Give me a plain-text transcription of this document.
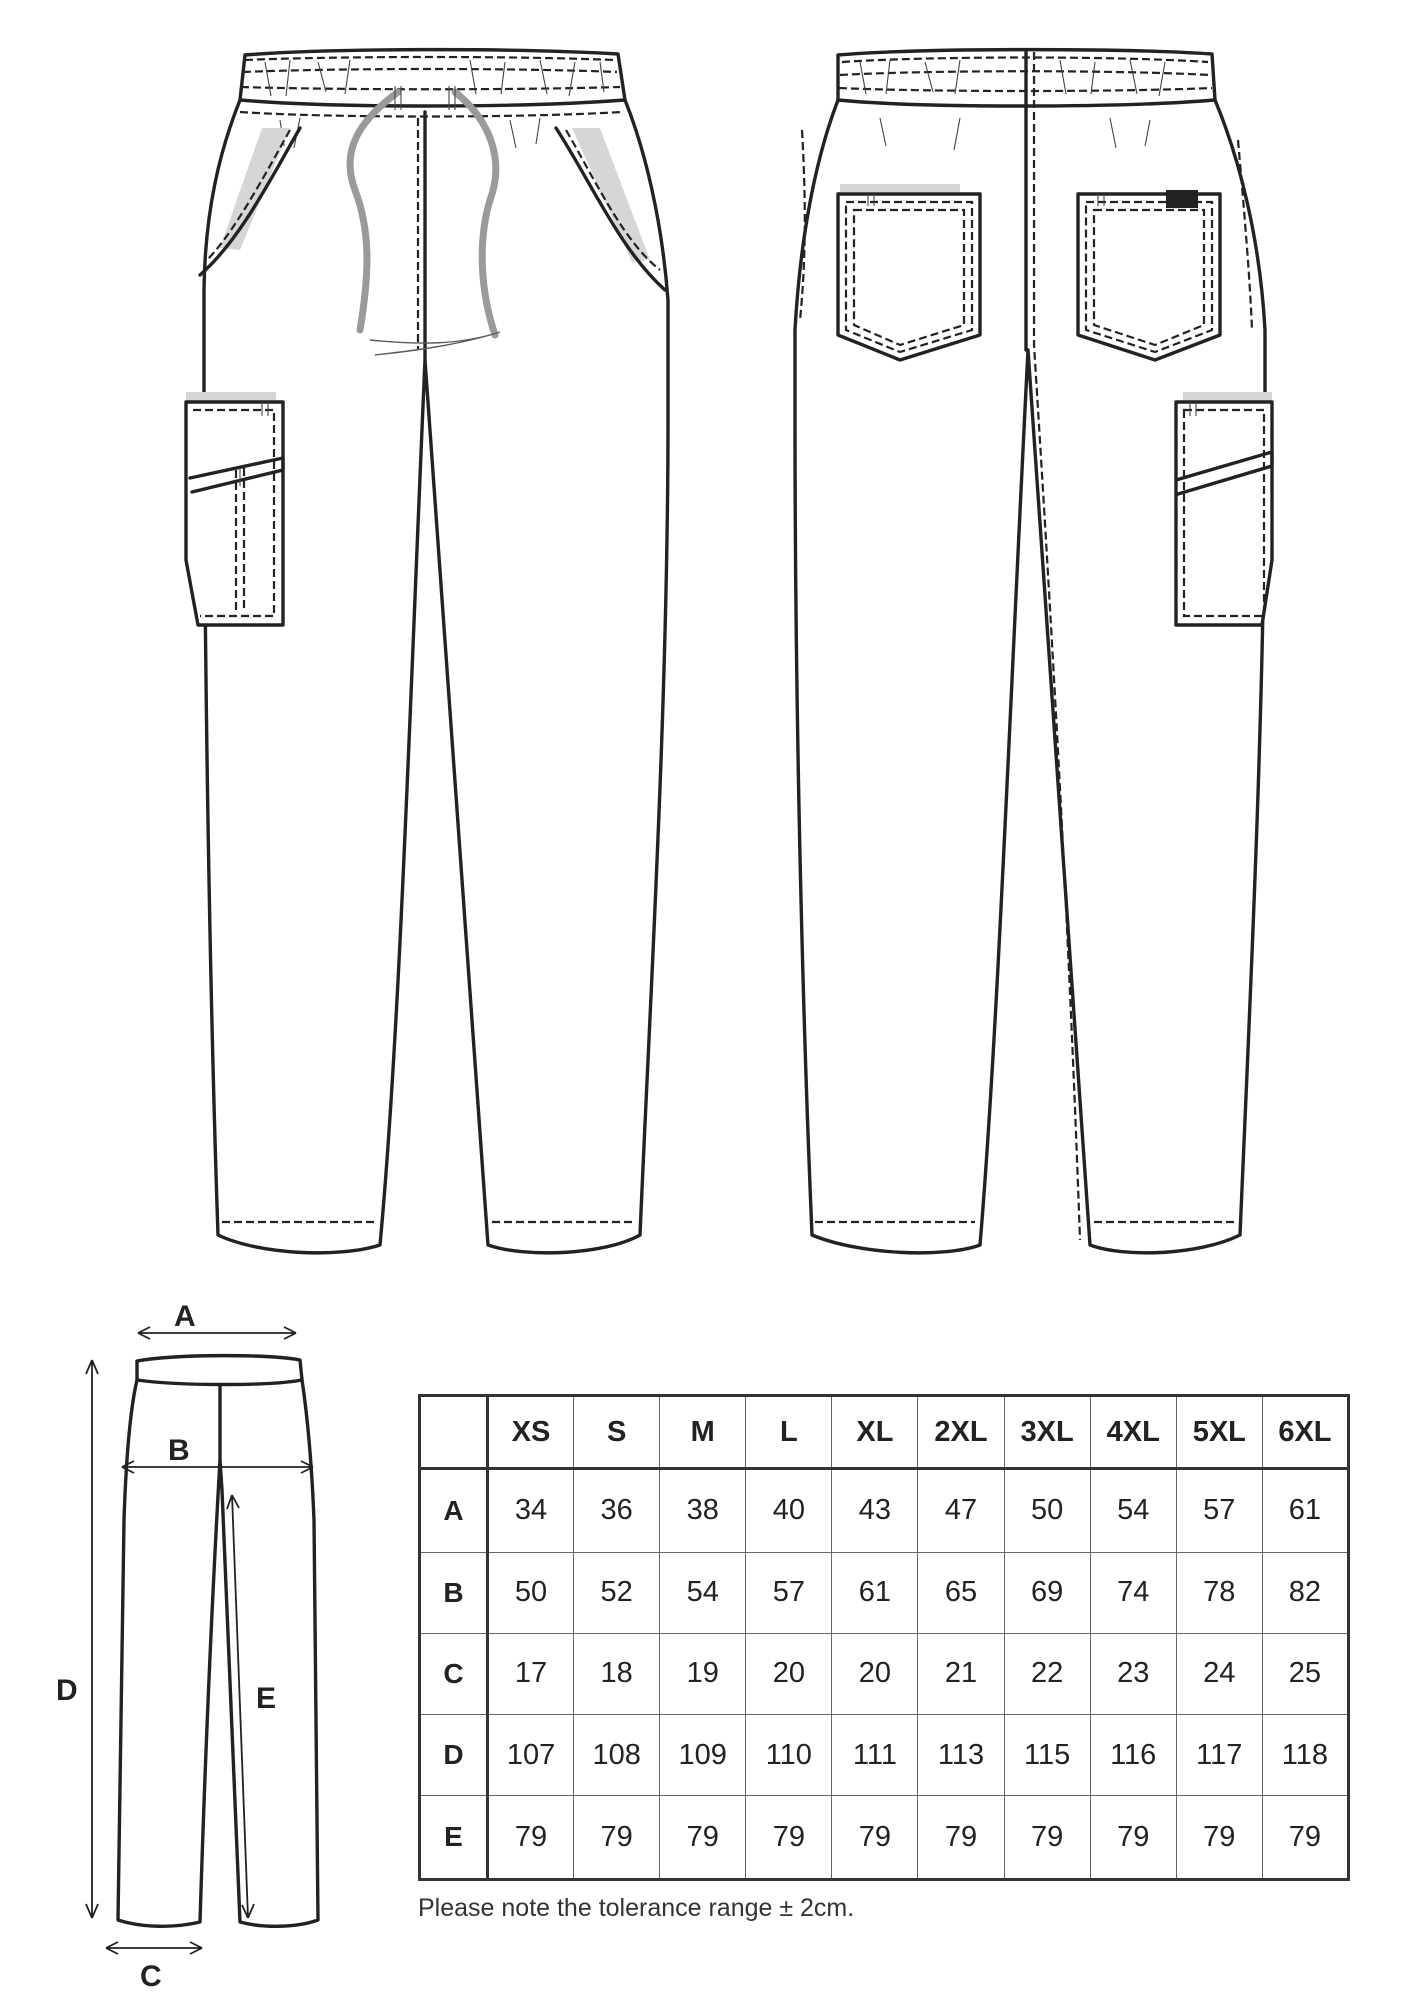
A
B
C
D	E
	XS	S	M	L	XL	2XL	3XL	4XL	5XL	6XL
A	34	36	38	40	43	47	50	54	57	61
B	50	52	54	57	61	65	69	74	78	82
C	17	18	19	20	20	21	22	23	24	25
D	107	108	109	110	111	113	115	116	117	118
E	79	79	79	79	79	79	79	79	79	79
Please note the tolerance range ± 2cm.
